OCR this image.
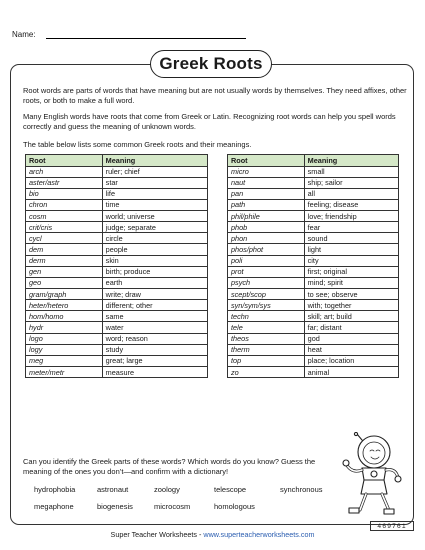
Name:
Greek Roots

Root words are parts of words that have meaning but are not usually words by themselves. They need affixes, other roots, or both to make a full word.

Many English words have roots that come from Greek or Latin. Recognizing root words can help you spell words correctly and guess the meaning of unknown words.

The table below lists some common Greek roots and their meanings.

Root	Meaning
arch	ruler; chief
aster/astr	star
bio	life
chron	time
cosm	world; universe
crit/cris	judge; separate
cycl	circle
dem	people
derm	skin
gen	birth; produce
geo	earth
gram/graph	write; draw
heter/hetero	different; other
hom/homo	same
hydr	water
logo	word; reason
logy	study
meg	great; large
meter/metr	measure
Root	Meaning
micro	small
naut	ship; sailor
pan	all
path	feeling; disease
phil/phile	love; friendship
phob	fear
phon	sound
phos/phot	light
poli	city
prot	first; original
psych	mind; spirit
scept/scop	to see; observe
syn/sym/sys	with; together
techn	skill; art; build
tele	far; distant
theos	god
therm	heat
top	place; location
zo	animal

Can you identify the Greek parts of these words? Which words do you know? Guess the meaning of the ones you don’t—and confirm with a dictionary!

hydrophobia	astronaut	zoology	telescope	synchronous
megaphone	biogenesis	microcosm	homologous
Super Teacher Worksheets - www.superteacherworksheets.com
469761
